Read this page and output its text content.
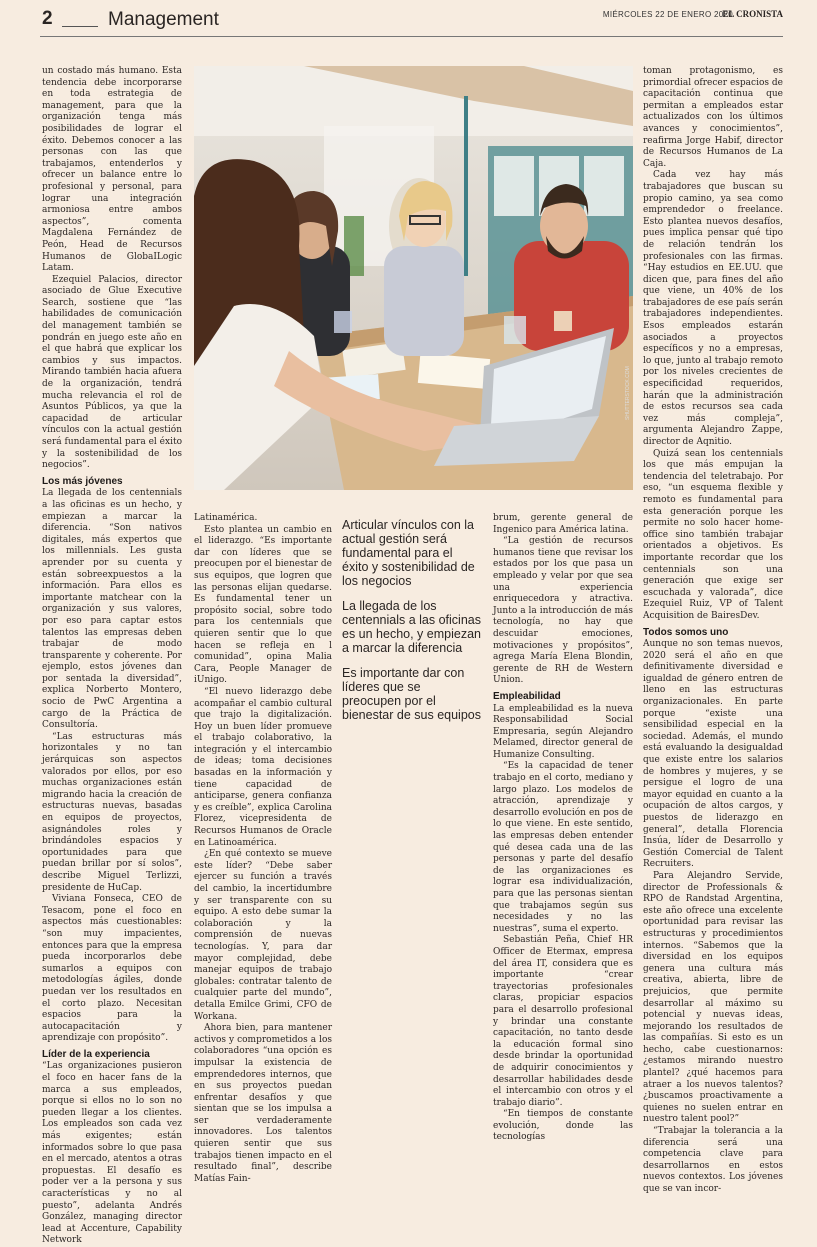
2	Management	MIÉRCOLES 22 DE ENERO 2020
EL CRONISTA

un costado más humano. Esta tendencia debe incorporarse en toda estrategia de management, para que la organización tenga más posibilidades de lograr el éxito. Debemos conocer a las personas con las que trabajamos, entenderlos y ofrecer un balance entre lo profesional y personal, para lograr una integración armoniosa entre ambos aspectos”, comenta Magdalena Fernández de Peón, Head de Recursos Humanos de GlobaILogic Latam.

Ezequiel Palacios, director asociado de Glue Executive Search, sostiene que “las habilidades de comunicación del management también se pondrán en juego este año en el que habrá que explicar los cambios y sus impactos. Mirando también hacia afuera de la organización, tendrá mucha relevancia el rol de Asuntos Públicos, ya que la capacidad de articular vínculos con la actual gestión será fundamental para el éxito y la sostenibilidad de los negocios”.

Los más jóvenes

La llegada de los centennials a las oficinas es un hecho, y empiezan a marcar la diferencia. “Son nativos digitales, más expertos que los millennials. Les gusta aprender por su cuenta y están sobreexpuestos a la información. Para ellos es importante matchear con la organización y sus valores, por eso para captar estos talentos las empresas deben trabajar de modo transparente y coherente. Por ejemplo, estos jóvenes dan por sentada la diversidad”, explica Norberto Montero, socio de PwC Argentina a cargo de la Práctica de Consultoría.

“Las estructuras más horizontales y no tan jerárquicas son aspectos valorados por ellos, por eso muchas organizaciones están migrando hacia la creación de estructuras nuevas, basadas en equipos de proyectos, asignándoles roles y brindándoles espacios y oportunidades para que puedan brillar por sí solos”, describe Miguel Terlizzi, presidente de HuCap.

Viviana Fonseca, CEO de Tesacom, pone el foco en aspectos más cuestionables: “son muy impacientes, entonces para que la empresa pueda incorporarlos debe sumarlos a equipos con metodologías ágiles, donde puedan ver los resultados en el corto plazo. Necesitan espacios para la autocapacitación y aprendizaje con propósito”.

Líder de la experiencia

“Las organizaciones pusieron el foco en hacer fans de la marca a sus empleados, porque si ellos no lo son no pueden llegar a los clientes. Los empleados son cada vez más exigentes; están informados sobre lo que pasa en el mercado, atentos a otras propuestas. El desafío es poder ver a la persona y sus características y no al puesto”, adelanta Andrés González, managing director lead at Accenture, Capability Network

SHUTTERSTOCK.COM

Latinamérica.

Esto plantea un cambio en el liderazgo. “Es importante dar con líderes que se preocupen por el bienestar de sus equipos, que logren que las personas elijan quedarse. Es fundamental tener un propósito social, sobre todo para los centennials que quieren sentir que lo que hacen se refleja en l comunidad”, opina Malia Cara, People Manager de iUnigo.

“El nuevo liderazgo debe acompañar el cambio cultural que trajo la digitalización. Hoy un buen líder promueve el trabajo colaborativo, la integración y el intercambio de ideas; toma decisiones basadas en la información y tiene capacidad de anticiparse, genera confianza y es creíble”, explica Carolina Florez, vicepresidenta de Recursos Humanos de Oracle en Latinoamérica.

¿En qué contexto se mueve este líder? “Debe saber ejercer su función a través del cambio, la incertidumbre y ser transparente con su equipo. A esto debe sumar la colaboración y la comprensión de nuevas tecnologías. Y, para dar mayor complejidad, debe manejar equipos de trabajo globales: contratar talento de cualquier parte del mundo”, detalla Emilce Grimi, CFO de Workana.

Ahora bien, para mantener activos y comprometidos a los colaboradores “una opción es impulsar la existencia de emprendedores internos, que en sus proyectos puedan enfrentar desafíos y que sientan que se los impulsa a ser verdaderamente innovadores. Los talentos quieren sentir que sus trabajos tienen impacto en el resultado final”, describe Matías Fain-

Articular vínculos con la actual gestión será fundamental para el éxito y sostenibilidad de los negocios

La llegada de los centennials a las oficinas es un hecho, y empiezan a marcar la diferencia

Es importante dar con líderes que se preocupen por el bienestar de sus equipos

brum, gerente general de Ingenico para América latina.

“La gestión de recursos humanos tiene que revisar los estados por los que pasa un empleado y velar por que sea una experiencia enriquecedora y atractiva. Junto a la introducción de más tecnología, no hay que descuidar emociones, motivaciones y propósitos”, agrega María Elena Blondin, gerente de RH de Western Union.

Empleabilidad

La empleabilidad es la nueva Responsabilidad Social Empresaria, según Alejandro Melamed, director general de Humanize Consulting.

“Es la capacidad de tener trabajo en el corto, mediano y largo plazo. Los modelos de atracción, aprendizaje y desarrollo evolución en pos de lo que viene. En este sentido, las empresas deben entender qué desea cada una de las personas y parte del desafío de las organizaciones es lograr esa individualización, para que las personas sientan que trabajamos según sus necesidades y no las nuestras”, suma el experto.

Sebastián Peña, Chief HR Officer de Etermax, empresa del área IT, considera que es importante “crear trayectorias profesionales claras, propiciar espacios para el desarrollo profesional y brindar una constante capacitación, no tanto desde la educación formal sino desde brindar la oportunidad de adquirir conocimientos y desarrollar habilidades desde el intercambio con otros y el trabajo diario”.

“En tiempos de constante evolución, donde las tecnologías

toman protagonismo, es primordial ofrecer espacios de capacitación continua que permitan a empleados estar actualizados con los últimos avances y conocimientos”, reafirma Jorge Habif, director de Recursos Humanos de La Caja.

Cada vez hay más trabajadores que buscan su propio camino, ya sea como emprendedor o freelance. Esto plantea nuevos desafíos, pues implica pensar qué tipo de relación tendrán los profesionales con las firmas. “Hay estudios en EE.UU. que dicen que, para fines del año que viene, un 40% de los trabajadores de ese país serán trabajadores independientes. Esos empleados estarán asociados a proyectos específicos y no a empresas, lo que, junto al trabajo remoto por los niveles crecientes de especificidad requeridos, harán que la administración de estos recursos sea cada vez más compleja”, argumenta Alejandro Zappe, director de Aqnitio.

Quizá sean los centennials los que más empujan la tendencia del teletrabajo. Por eso, “un esquema flexible y remoto es fundamental para esta generación porque les permite no solo hacer home-office sino también trabajar orientados a objetivos. Es importante recordar que los centennials son una generación que exige ser escuchada y valorada”, dice Ezequiel Ruiz, VP of Talent Acquisition de BairesDev.

Todos somos uno

Aunque no son temas nuevos, 2020 será el año en que definitivamente diversidad e igualdad de género entren de lleno en las estructuras organizacionales. En parte porque “existe una sensibilidad especial en la sociedad. Además, el mundo está evaluando la desigualdad que existe entre los salarios de hombres y mujeres, y se persigue el logro de una mayor equidad en cuanto a la ocupación de altos cargos, y puestos de liderazgo en general”, detalla Florencia Insúa, líder de Desarrollo y Gestión Comercial de Talent Recruiters.

Para Alejandro Servide, director de Professionals & RPO de Randstad Argentina, este año ofrece una excelente oportunidad para revisar las estructuras y procedimientos internos. “Sabemos que la diversidad en los equipos genera una cultura más creativa, abierta, libre de prejuicios, que permite desarrollar al máximo su potencial y nuevas ideas, mejorando los resultados de las compañías. Si esto es un hecho, cabe cuestionarnos: ¿estamos mirando nuestro plantel? ¿qué hacemos para atraer a los nuevos talentos? ¿buscamos proactivamente a quienes no suelen entrar en nuestro talent pool?”

“Trabajar la tolerancia a la diferencia será una competencia clave para desarrollarnos en estos nuevos contextos. Los jóvenes que se van incor-
